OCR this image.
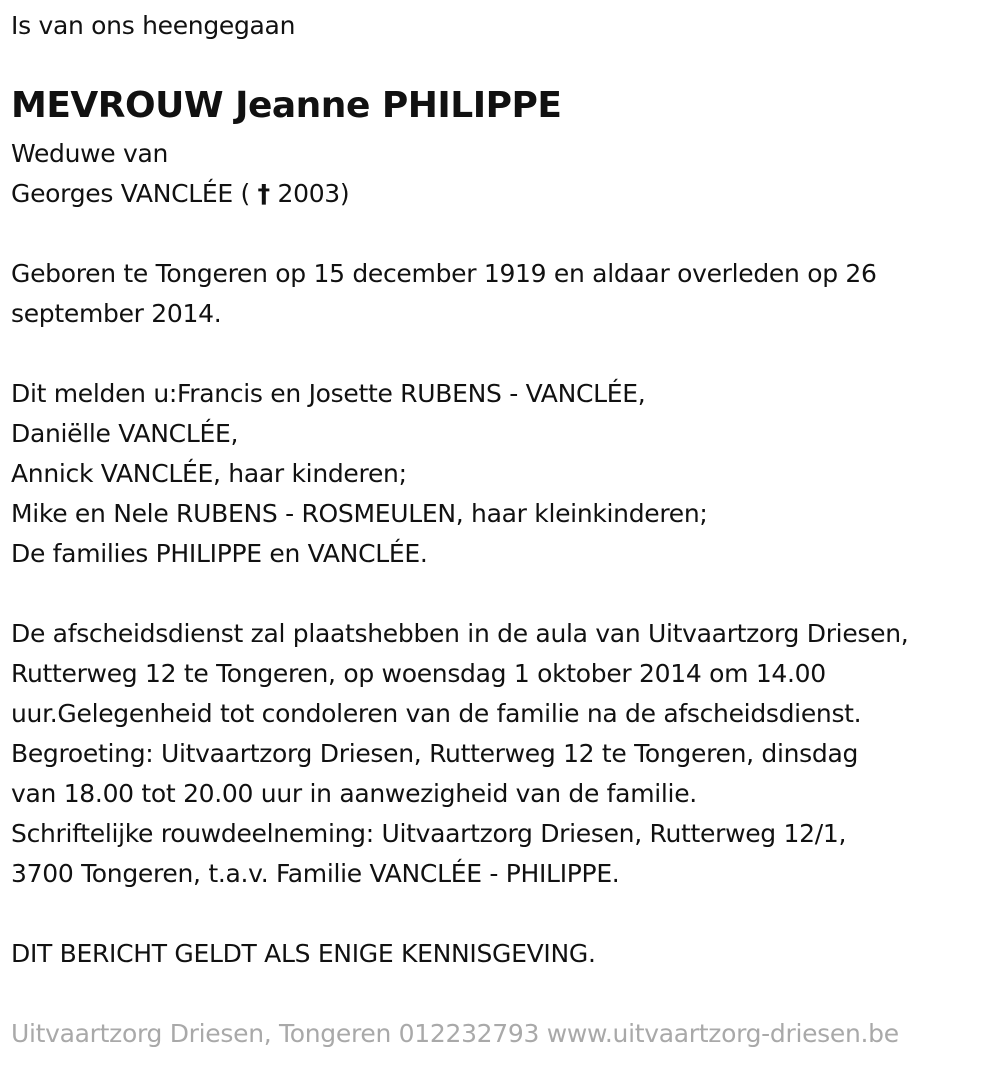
Is van ons heengegaan
MEVROUW Jeanne PHILIPPE
Weduwe van
Georges VANCLÉE ( † 2003)
Geboren te Tongeren op 15 december 1919 en aldaar overleden op 26
september 2014.
Dit melden u:Francis en Josette RUBENS - VANCLÉE,
Daniëlle VANCLÉE,
Annick VANCLÉE, haar kinderen;
Mike en Nele RUBENS - ROSMEULEN, haar kleinkinderen;
De families PHILIPPE en VANCLÉE.
De afscheidsdienst zal plaatshebben in de aula van Uitvaartzorg Driesen,
Rutterweg 12 te Tongeren, op woensdag 1 oktober 2014 om 14.00
uur.Gelegenheid tot condoleren van de familie na de afscheidsdienst.
Begroeting: Uitvaartzorg Driesen, Rutterweg 12 te Tongeren, dinsdag
van 18.00 tot 20.00 uur in aanwezigheid van de familie.
Schriftelijke rouwdeelneming: Uitvaartzorg Driesen, Rutterweg 12/1,
3700 Tongeren, t.a.v. Familie VANCLÉE - PHILIPPE.
DIT BERICHT GELDT ALS ENIGE KENNISGEVING.
Uitvaartzorg Driesen, Tongeren 012232793 www.uitvaartzorg-driesen.be
